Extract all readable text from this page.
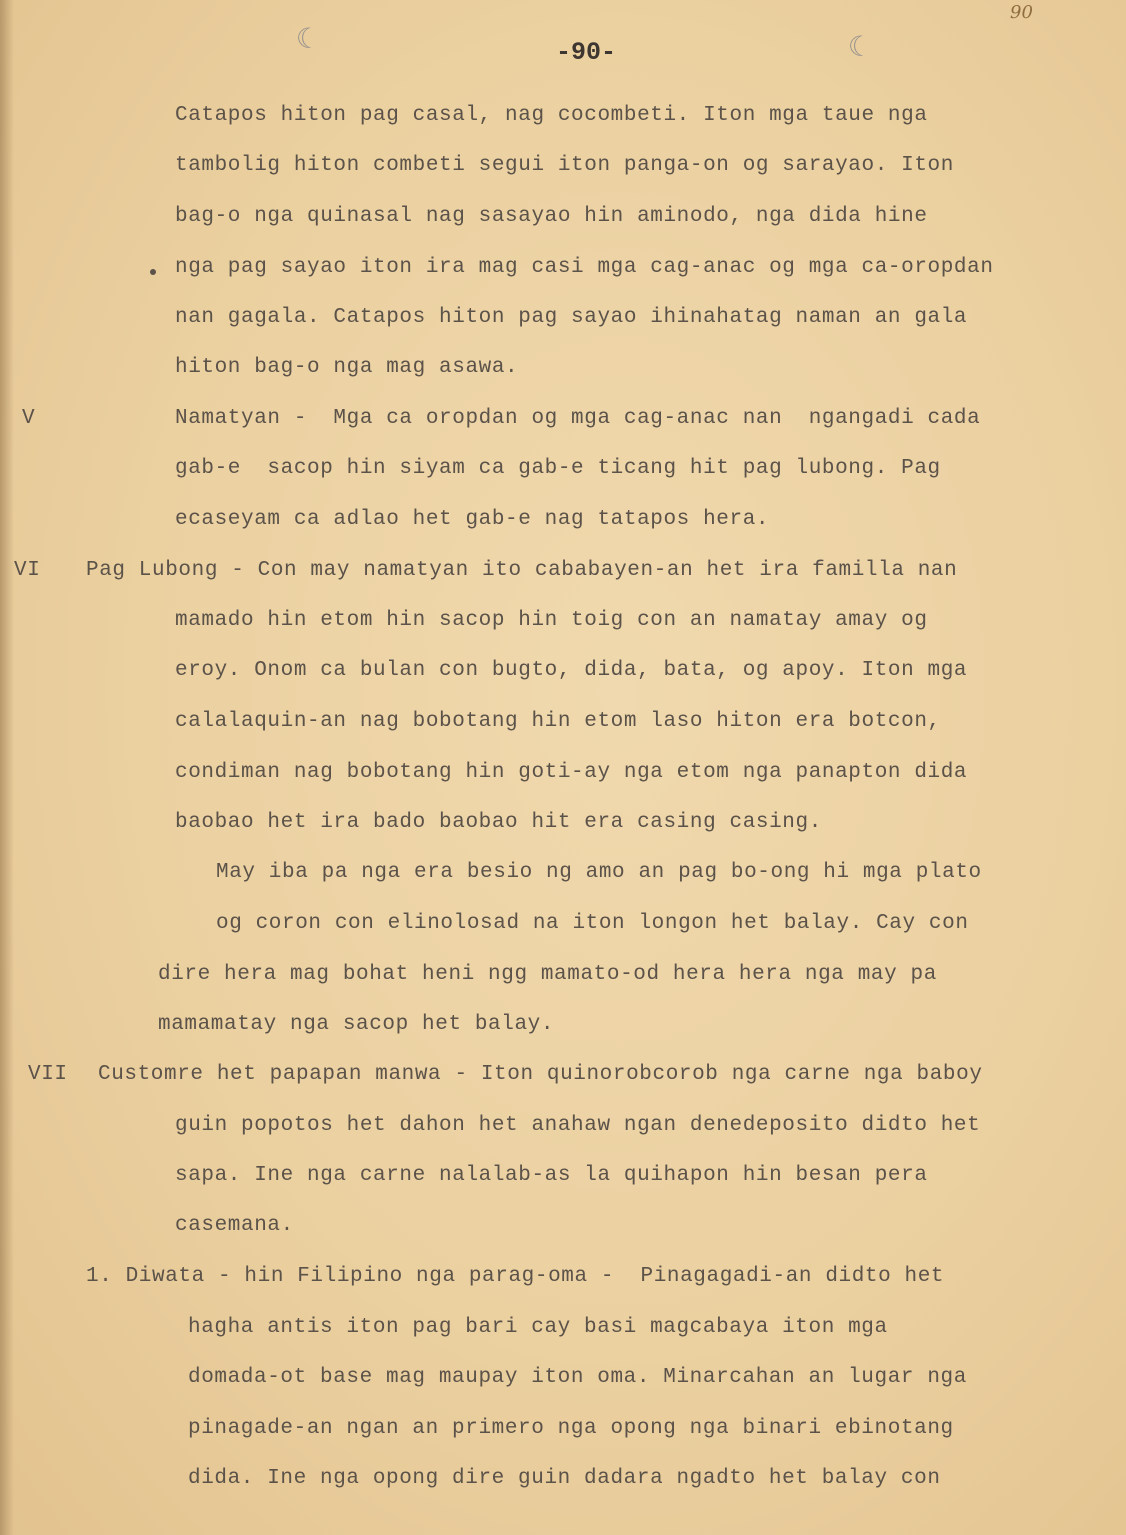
90
-90-
☾	☾
V
VI
VII
Catapos hiton pag casal, nag cocombeti. Iton mga taue nga
tambolig hiton combeti segui iton panga-on og sarayao. Iton
bag-o nga quinasal nag sasayao hin aminodo, nga dida hine
nga pag sayao iton ira mag casi mga cag-anac og mga ca-oropdan
nan gagala. Catapos hiton pag sayao ihinahatag naman an gala
hiton bag-o nga mag asawa.
Namatyan -  Mga ca oropdan og mga cag-anac nan  ngangadi cada
gab-e  sacop hin siyam ca gab-e ticang hit pag lubong. Pag
ecaseyam ca adlao het gab-e nag tatapos hera.
Pag Lubong - Con may namatyan ito cababayen-an het ira familla nan
mamado hin etom hin sacop hin toig con an namatay amay og
eroy. Onom ca bulan con bugto, dida, bata, og apoy. Iton mga
calalaquin-an nag bobotang hin etom laso hiton era botcon,
condiman nag bobotang hin goti-ay nga etom nga panapton dida
baobao het ira bado baobao hit era casing casing.
May iba pa nga era besio ng amo an pag bo-ong hi mga plato
og coron con elinolosad na iton longon het balay. Cay con
dire hera mag bohat heni ngg mamato-od hera hera nga may pa
mamamatay nga sacop het balay.
Customre het papapan manwa - Iton quinorobcorob nga carne nga baboy
guin popotos het dahon het anahaw ngan denedeposito didto het
sapa. Ine nga carne nalalab-as la quihapon hin besan pera
casemana.
1. Diwata - hin Filipino nga parag-oma -  Pinagagadi-an didto het
hagha antis iton pag bari cay basi magcabaya iton mga
domada-ot base mag maupay iton oma. Minarcahan an lugar nga
pinagade-an ngan an primero nga opong nga binari ebinotang
dida. Ine nga opong dire guin dadara ngadto het balay con
